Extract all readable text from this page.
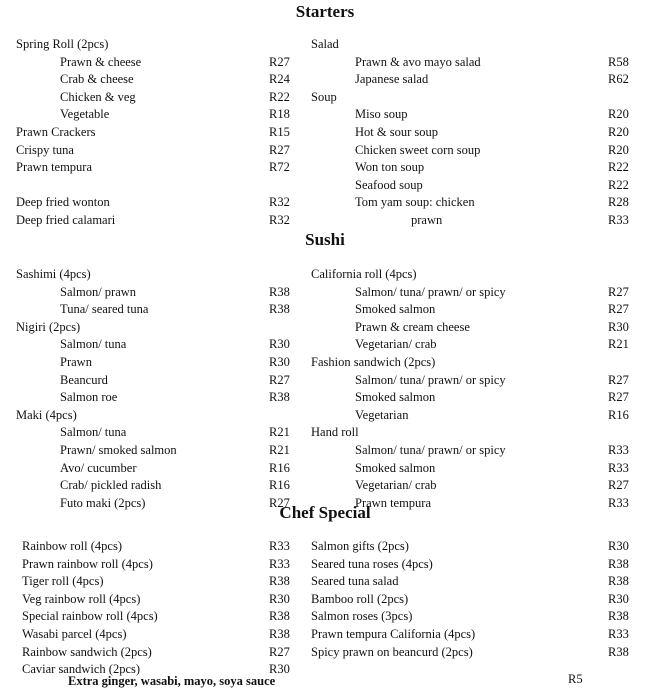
Starters
Spring Roll (2pcs)
Prawn & cheese	R27
Crab & cheese	R24
Chicken & veg	R22
Vegetable	R18
Prawn Crackers	R15
Crispy tuna	R27
Prawn tempura	R72
Deep fried wonton	R32
Deep fried calamari	R32
Salad
Prawn & avo mayo salad	R58
Japanese salad	R62
Soup
Miso soup	R20
Hot & sour soup	R20
Chicken sweet corn soup	R20
Won ton soup	R22
Seafood soup	R22
Tom yam soup: chicken	R28
prawn	R33
Sushi
Sashimi (4pcs)
Salmon/ prawn	R38
Tuna/ seared tuna	R38
Nigiri (2pcs)
Salmon/ tuna	R30
Prawn	R30
Beancurd	R27
Salmon roe	R38
Maki (4pcs)
Salmon/ tuna	R21
Prawn/ smoked salmon	R21
Avo/ cucumber	R16
Crab/ pickled radish	R16
Futo maki (2pcs)	R27
California roll (4pcs)
Salmon/ tuna/ prawn/ or spicy	R27
Smoked salmon	R27
Prawn & cream cheese	R30
Vegetarian/ crab	R21
Fashion sandwich (2pcs)
Salmon/ tuna/ prawn/ or spicy	R27
Smoked salmon	R27
Vegetarian	R16
Hand roll
Salmon/ tuna/ prawn/ or spicy	R33
Smoked salmon	R33
Vegetarian/ crab	R27
Prawn tempura	R33
Chef Special
Rainbow roll (4pcs)	R33
Prawn rainbow roll (4pcs)	R33
Tiger roll (4pcs)	R38
Veg rainbow roll (4pcs)	R30
Special rainbow roll (4pcs)	R38
Wasabi parcel (4pcs)	R38
Rainbow sandwich (2pcs)	R27
Caviar sandwich (2pcs)	R30
Salmon gifts (2pcs)	R30
Seared tuna roses (4pcs)	R38
Seared tuna salad	R38
Bamboo roll (2pcs)	R30
Salmon roses (3pcs)	R38
Prawn tempura California (4pcs)	R33
Spicy prawn on beancurd (2pcs)	R38
Extra ginger, wasabi, mayo, soya sauce	R5
